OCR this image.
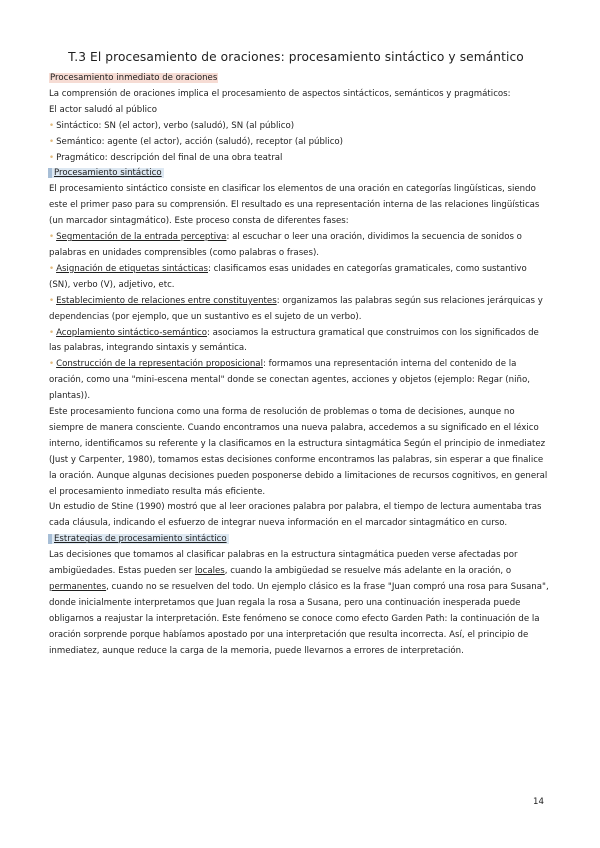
T.3 El procesamiento de oraciones: procesamiento sintáctico y semántico
Procesamiento inmediato de oraciones

La comprensión de oraciones implica el procesamiento de aspectos sintácticos, semánticos y pragmáticos:

El actor saludó al público

• Sintáctico: SN (el actor), verbo (saludó), SN (al público)
• Semántico: agente (el actor), acción (saludó), receptor (al público)
• Pragmático: descripción del final de una obra teatral
Procesamiento sintáctico

El procesamiento sintáctico consiste en clasificar los elementos de una oración en categorías lingüísticas, siendo este el primer paso para su comprensión. El resultado es una representación interna de las relaciones lingüísticas (un marcador sintagmático). Este proceso consta de diferentes fases:

• Segmentación de la entrada perceptiva: al escuchar o leer una oración, dividimos la secuencia de sonidos o palabras en unidades comprensibles (como palabras o frases).
• Asignación de etiquetas sintácticas: clasificamos esas unidades en categorías gramaticales, como sustantivo (SN), verbo (V), adjetivo, etc.
• Establecimiento de relaciones entre constituyentes: organizamos las palabras según sus relaciones jerárquicas y dependencias (por ejemplo, que un sustantivo es el sujeto de un verbo).
• Acoplamiento sintáctico-semántico: asociamos la estructura gramatical que construimos con los significados de las palabras, integrando sintaxis y semántica.
• Construcción de la representación proposicional: formamos una representación interna del contenido de la oración, como una "mini-escena mental" donde se conectan agentes, acciones y objetos (ejemplo: Regar (niño, plantas)).

Este procesamiento funciona como una forma de resolución de problemas o toma de decisiones, aunque no siempre de manera consciente. Cuando encontramos una nueva palabra, accedemos a su significado en el léxico interno, identificamos su referente y la clasificamos en la estructura sintagmática Según el principio de inmediatez (Just y Carpenter, 1980), tomamos estas decisiones conforme encontramos las palabras, sin esperar a que finalice la oración. Aunque algunas decisiones pueden posponerse debido a limitaciones de recursos cognitivos, en general el procesamiento inmediato resulta más eficiente.

Un estudio de Stine (1990) mostró que al leer oraciones palabra por palabra, el tiempo de lectura aumentaba tras cada cláusula, indicando el esfuerzo de integrar nueva información en el marcador sintagmático en curso.

Estrategias de procesamiento sintáctico

Las decisiones que tomamos al clasificar palabras en la estructura sintagmática pueden verse afectadas por ambigüedades. Estas pueden ser locales, cuando la ambigüedad se resuelve más adelante en la oración, o permanentes, cuando no se resuelven del todo. Un ejemplo clásico es la frase "Juan compró una rosa para Susana", donde inicialmente interpretamos que Juan regala la rosa a Susana, pero una continuación inesperada puede obligarnos a reajustar la interpretación. Este fenómeno se conoce como efecto Garden Path: la continuación de la oración sorprende porque habíamos apostado por una interpretación que resulta incorrecta. Así, el principio de inmediatez, aunque reduce la carga de la memoria, puede llevarnos a errores de interpretación.

14
